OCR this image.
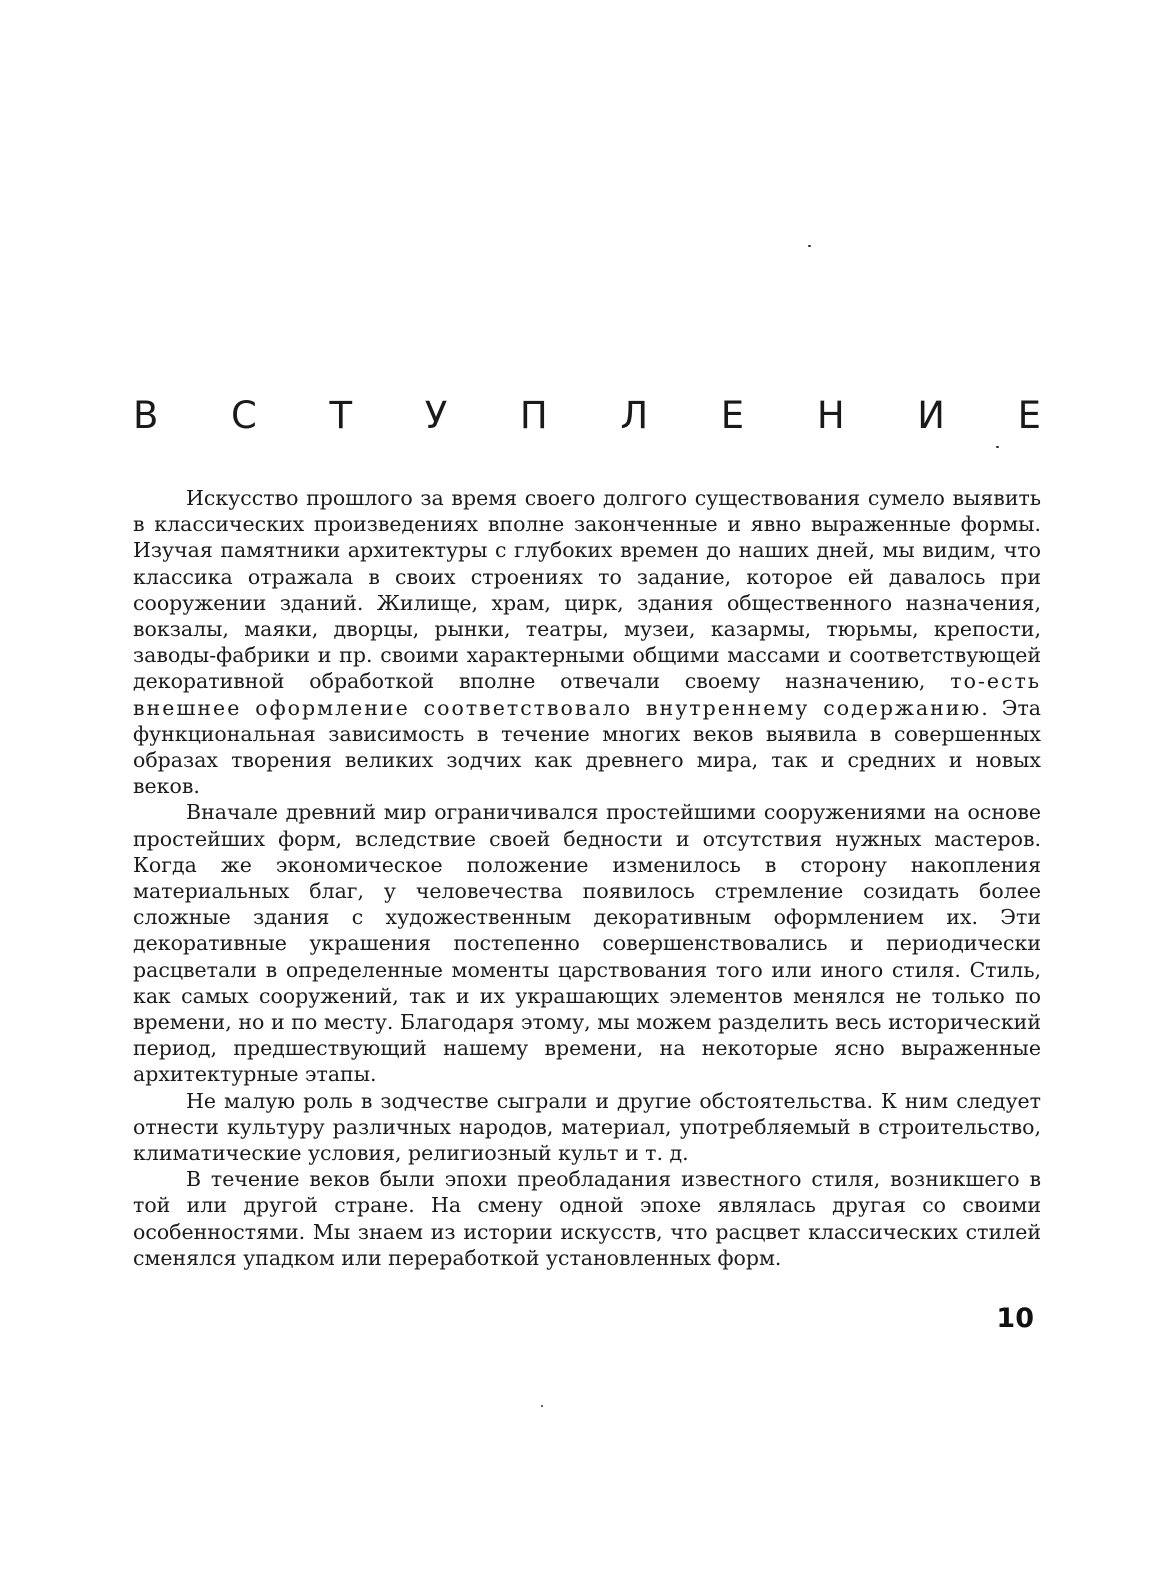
В С Т У П Л Е Н И Е

Искусство прошлого за время своего долгого существования сумело выявить в классических произведениях вполне законченные и явно выраженные формы. Изучая памятники архитектуры с глубоких времен до наших дней, мы видим, что классика отражала в своих строениях то задание, которое ей давалось при сооружении зданий. Жилище, храм, цирк, здания общественного назначения, вокзалы, маяки, дворцы, рынки, театры, музеи, казармы, тюрьмы, крепости, заводы-фабрики и пр. своими характерными общими массами и соответствующей декоративной обработкой вполне отвечали своему назначению, то-есть внешнее оформление соответствовало внутреннему содержанию. Эта функциональная зависимость в течение многих веков выявила в совершенных образах творения великих зодчих как древнего мира, так и средних и новых веков.

Вначале древний мир ограничивался простейшими сооружениями на основе простейших форм, вследствие своей бедности и отсутствия нужных мастеров. Когда же экономическое положение изменилось в сторону накопления материальных благ, у человечества появилось стремление созидать более сложные здания с художественным декоративным оформлением их. Эти декоративные украшения постепенно совершенствовались и периодически расцветали в определенные моменты царствования того или иного стиля. Стиль, как самых сооружений, так и их украшающих элементов менялся не только по времени, но и по месту. Благодаря этому, мы можем разделить весь исторический период, предшествующий нашему времени, на некоторые ясно выраженные архитектурные этапы.

Не малую роль в зодчестве сыграли и другие обстоятельства. К ним следует отнести культуру различных народов, материал, употребляемый в строительство, климатические условия, религиозный культ и т. д.

В течение веков были эпохи преобладания известного стиля, возникшего в той или другой стране. На смену одной эпохе являлась другая со своими особенностями. Мы знаем из истории искусств, что расцвет классических стилей сменялся упадком или переработкой установленных форм.

10
